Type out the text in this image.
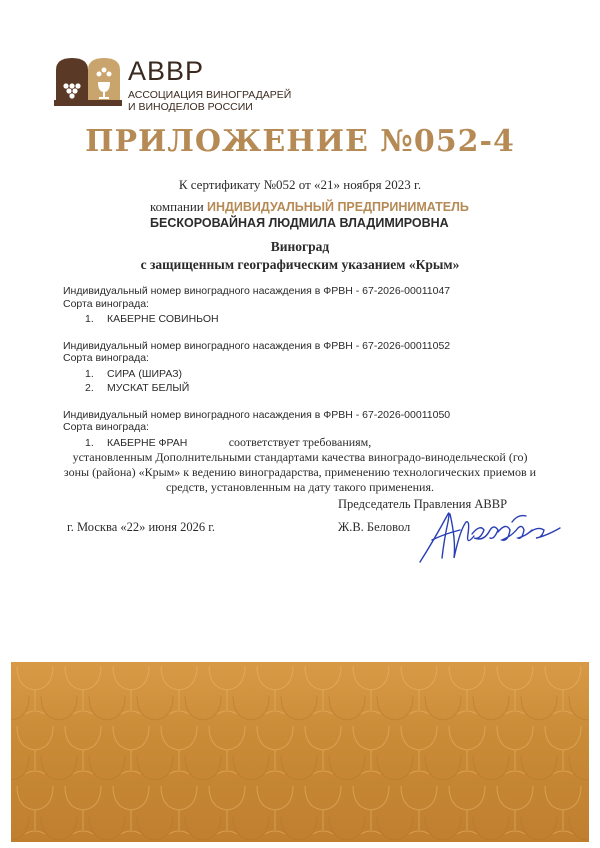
АВВР
АССОЦИАЦИЯ ВИНОГРАДАРЕЙ
И ВИНОДЕЛОВ РОССИИ
ПРИЛОЖЕНИЕ №052-4
К сертификату №052 от «21» ноября 2023 г.
компании ИНДИВИДУАЛЬНЫЙ ПРЕДПРИНИМАТЕЛЬ
БЕСКОРОВАЙНАЯ ЛЮДМИЛА ВЛАДИМИРОВНА
Виноград
с защищенным географическим указанием «Крым»
Индивидуальный номер виноградного насаждения в ФРВН - 67-2026-00011047
Сорта винограда:
1. КАБЕРНЕ СОВИНЬОН
Индивидуальный номер виноградного насаждения в ФРВН - 67-2026-00011052
Сорта винограда:
1. СИРА (ШИРАЗ)
2. МУСКАТ БЕЛЫЙ
Индивидуальный номер виноградного насаждения в ФРВН - 67-2026-00011050
Сорта винограда:
1. КАБЕРНЕ ФРАН	соответствует требованиям,
установленным Дополнительными стандартами качества виноградо-винодельческой (го)
зоны (района) «Крым» к ведению виноградарства, применению технологических приемов и
средств, установленным на дату такого применения.
Председатель Правления АВВР
г. Москва «22» июня 2026 г.	Ж.В. Беловол
